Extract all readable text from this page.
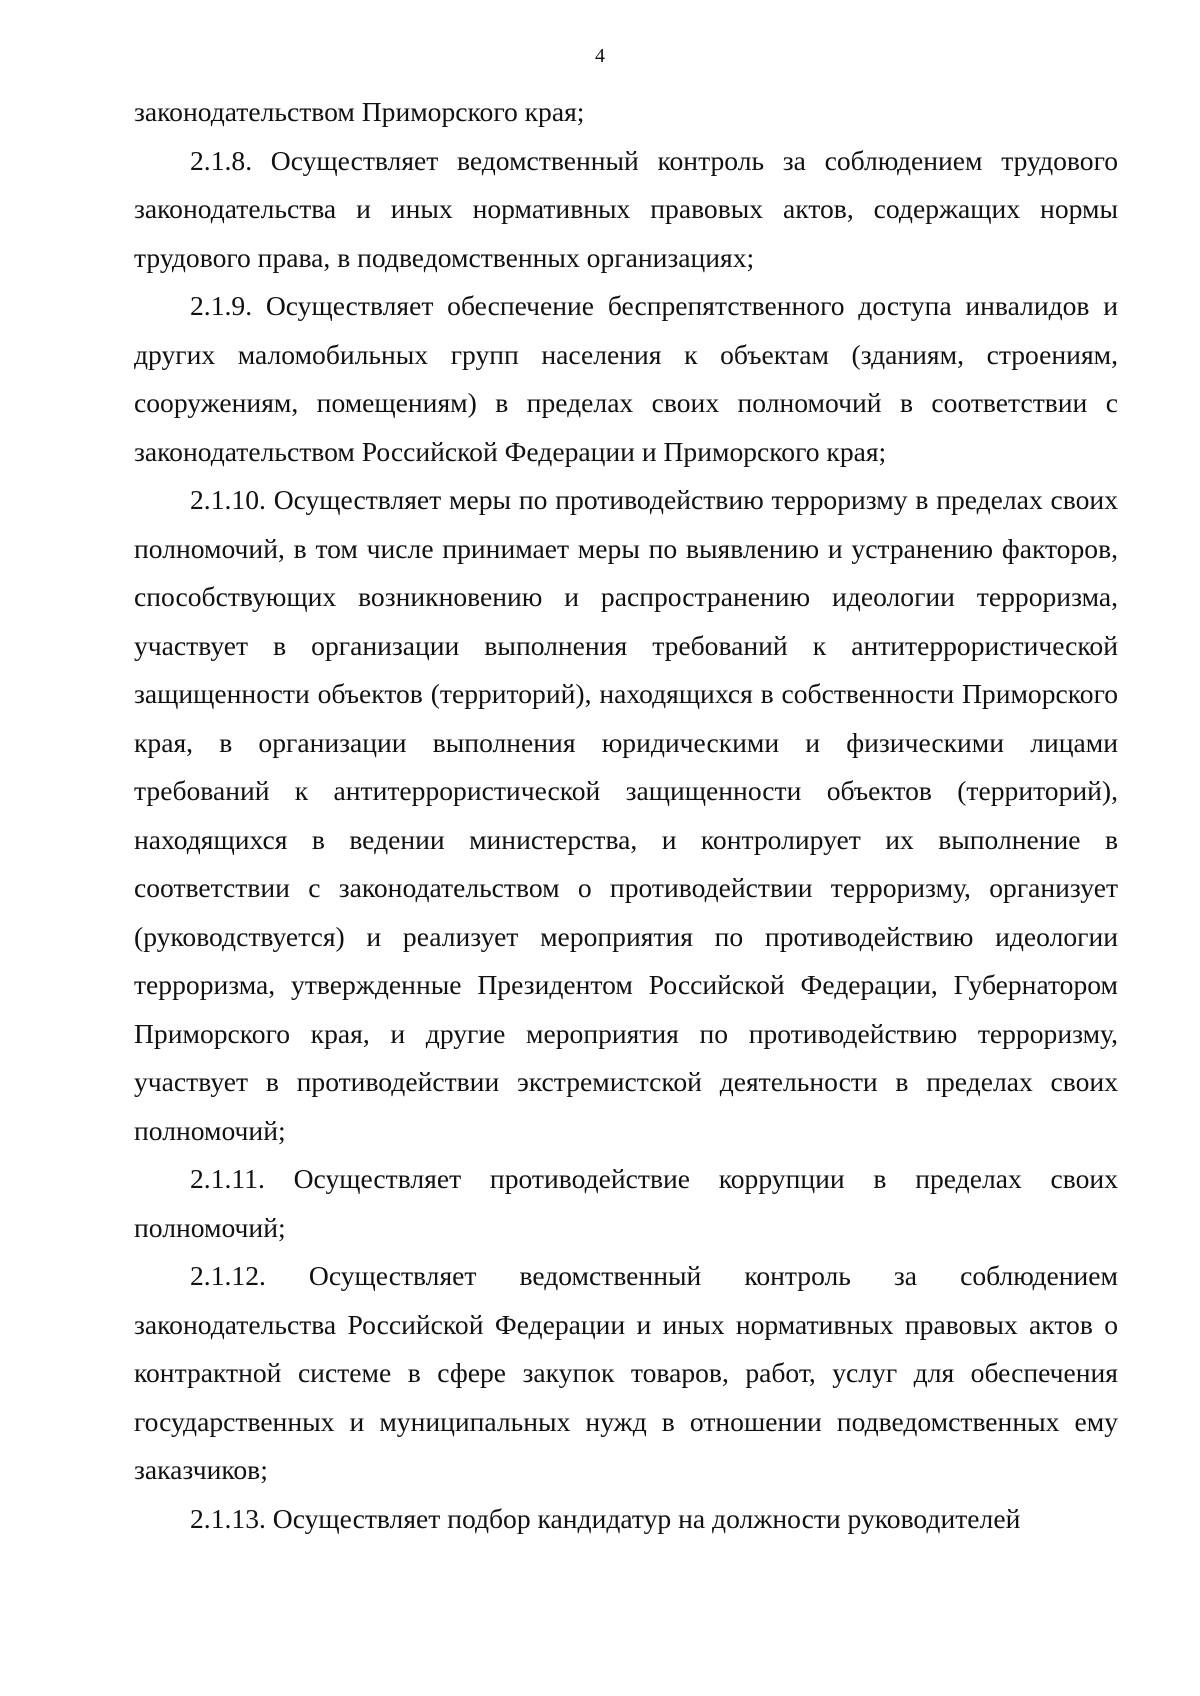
4

законодательством Приморского края;

2.1.8. Осуществляет ведомственный контроль за соблюдением трудового законодательства и иных нормативных правовых актов, содержащих нормы трудового права, в подведомственных организациях;

2.1.9. Осуществляет обеспечение беспрепятственного доступа инвалидов и других маломобильных групп населения к объектам (зданиям, строениям, сооружениям, помещениям) в пределах своих полномочий в соответствии с законодательством Российской Федерации и Приморского края;

2.1.10. Осуществляет меры по противодействию терроризму в пределах своих полномочий, в том числе принимает меры по выявлению и устранению факторов, способствующих возникновению и распространению идеологии терроризма, участвует в организации выполнения требований к антитеррористической защищенности объектов (территорий), находящихся в собственности Приморского края, в организации выполнения юридическими и физическими лицами требований к антитеррористической защищенности объектов (территорий), находящихся в ведении министерства, и контролирует их выполнение в соответствии с законодательством о противодействии терроризму, организует (руководствуется) и реализует мероприятия по противодействию идеологии терроризма, утвержденные Президентом Российской Федерации, Губернатором Приморского края, и другие мероприятия по противодействию терроризму, участвует в противодействии экстремистской деятельности в пределах своих полномочий;

2.1.11. Осуществляет противодействие коррупции в пределах своих полномочий;

2.1.12. Осуществляет ведомственный контроль за соблюдением законодательства Российской Федерации и иных нормативных правовых актов о контрактной системе в сфере закупок товаров, работ, услуг для обеспечения государственных и муниципальных нужд в отношении подведомственных ему заказчиков;

2.1.13. Осуществляет подбор кандидатур на должности руководителей
